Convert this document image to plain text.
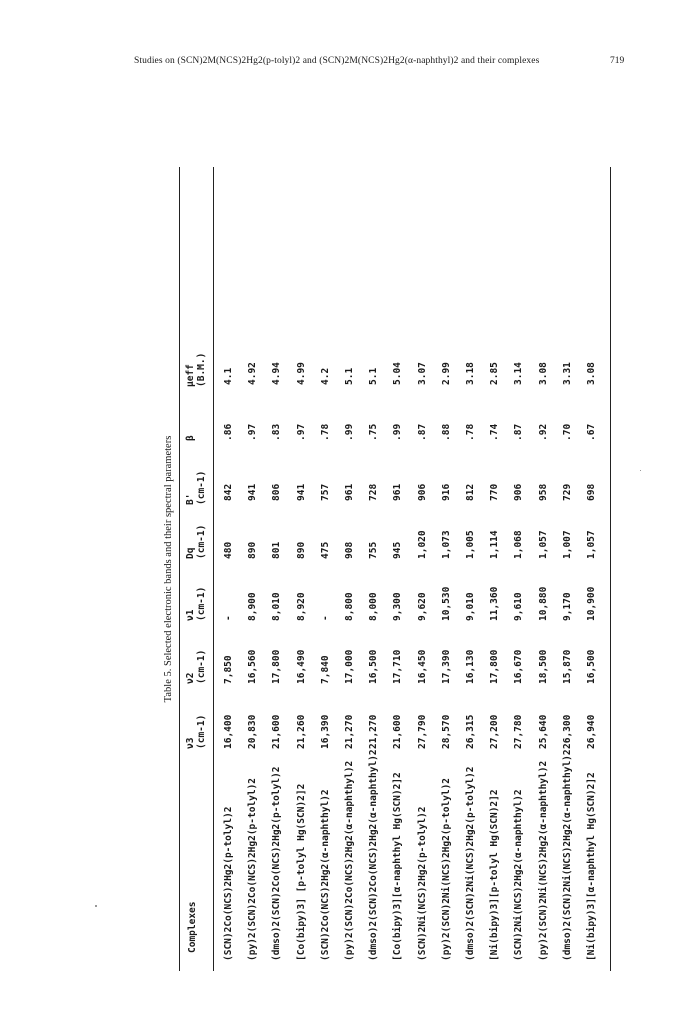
Studies on (SCN)2M(NCS)2Hg2(p-tolyl)2 and (SCN)2M(NCS)2Hg2(α-naphthyl)2 and their complexes	719
Table 5. Selected electronic bands and their spectral parameters
Complexes
ν3 (cm-1)
ν2 (cm-1)
ν1 (cm-1)
Dq (cm-1)
B' (cm-1)
β
μeff (B.M.)
(SCN)2Co(NCS)2Hg2(p-tolyl)2
16,400
7,850
-
480
842
.86
4.1
(py)2(SCN)2Co(NCS)2Hg2(p-tolyl)2
20,830
16,560
8,900
890
941
.97
4.92
(dmso)2(SCN)2Co(NCS)2Hg2(p-tolyl)2
21,600
17,800
8,010
801
806
.83
4.94
[Co(bipy)3] [p-tolyl Hg(SCN)2]2
21,260
16,490
8,920
890
941
.97
4.99
(SCN)2Co(NCS)2Hg2(α-naphthyl)2
16,390
7,840
-
475
757
.78
4.2
(py)2(SCN)2Co(NCS)2Hg2(α-naphthyl)2
21,270
17,000
8,800
908
961
.99
5.1
(dmso)2(SCN)2Co(NCS)2Hg2(α-naphthyl)2
21,270
16,500
8,000
755
728
.75
5.1
[Co(bipy)3][α-naphthyl Hg(SCN)2]2
21,600
17,710
9,300
945
961
.99
5.04
(SCN)2Ni(NCS)2Hg2(p-tolyl)2
27,790
16,450
9,620
1,020
906
.87
3.07
(py)2(SCN)2Ni(NCS)2Hg2(p-tolyl)2
28,570
17,390
10,530
1,073
916
.88
2.99
(dmso)2(SCN)2Ni(NCS)2Hg2(p-tolyl)2
26,315
16,130
9,010
1,005
812
.78
3.18
[Ni(bipy)3][p-tolyl Hg(SCN)2]2
27,200
17,800
11,360
1,114
770
.74
2.85
(SCN)2Ni(NCS)2Hg2(α-naphthyl)2
27,780
16,670
9,610
1,068
906
.87
3.14
(py)2(SCN)2Ni(NCS)2Hg2(α-naphthyl)2
25,640
18,500
10,880
1,057
958
.92
3.08
(dmso)2(SCN)2Ni(NCS)2Hg2(α-naphthyl)2
26,300
15,870
9,170
1,007
729
.70
3.31
[Ni(bipy)3][α-naphthyl Hg(SCN)2]2
26,940
16,500
10,900
1,057
698
.67
3.08
